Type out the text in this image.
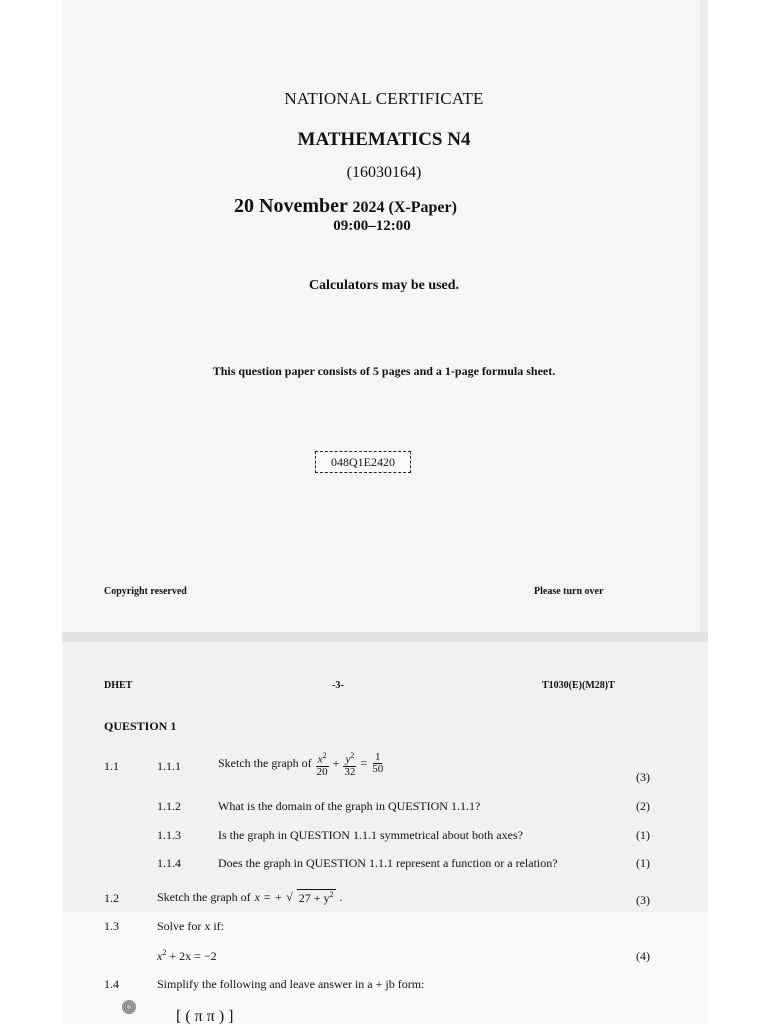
NATIONAL CERTIFICATE
MATHEMATICS N4
(16030164)
20 November 2024 (X-Paper)
09:00–12:00
Calculators may be used.
This question paper consists of 5 pages and a 1-page formula sheet.
048Q1E2420
Copyright reserved	Please turn over
DHET	-3-	T1030(E)(M28)T
QUESTION 1
1.1	1.1.1	Sketch the graph of $\frac{x^2}{20} + \frac{y^2}{32} = \frac{1}{50}$
(3)
1.1.2	What is the domain of the graph in QUESTION 1.1.1?	(2)
1.1.3	Is the graph in QUESTION 1.1.1 symmetrical about both axes?	(1)
1.1.4	Does the graph in QUESTION 1.1.1 represent a function or a relation?	(1)
1.2	Sketch the graph of x = + √ $27 + y^2$ .	(3)
1.3	Solve for x if:
$x^2 + 2x = -2$	(4)
1.4	Simplify the following and leave answer in a + jb form:
[ ( π π ) ]
